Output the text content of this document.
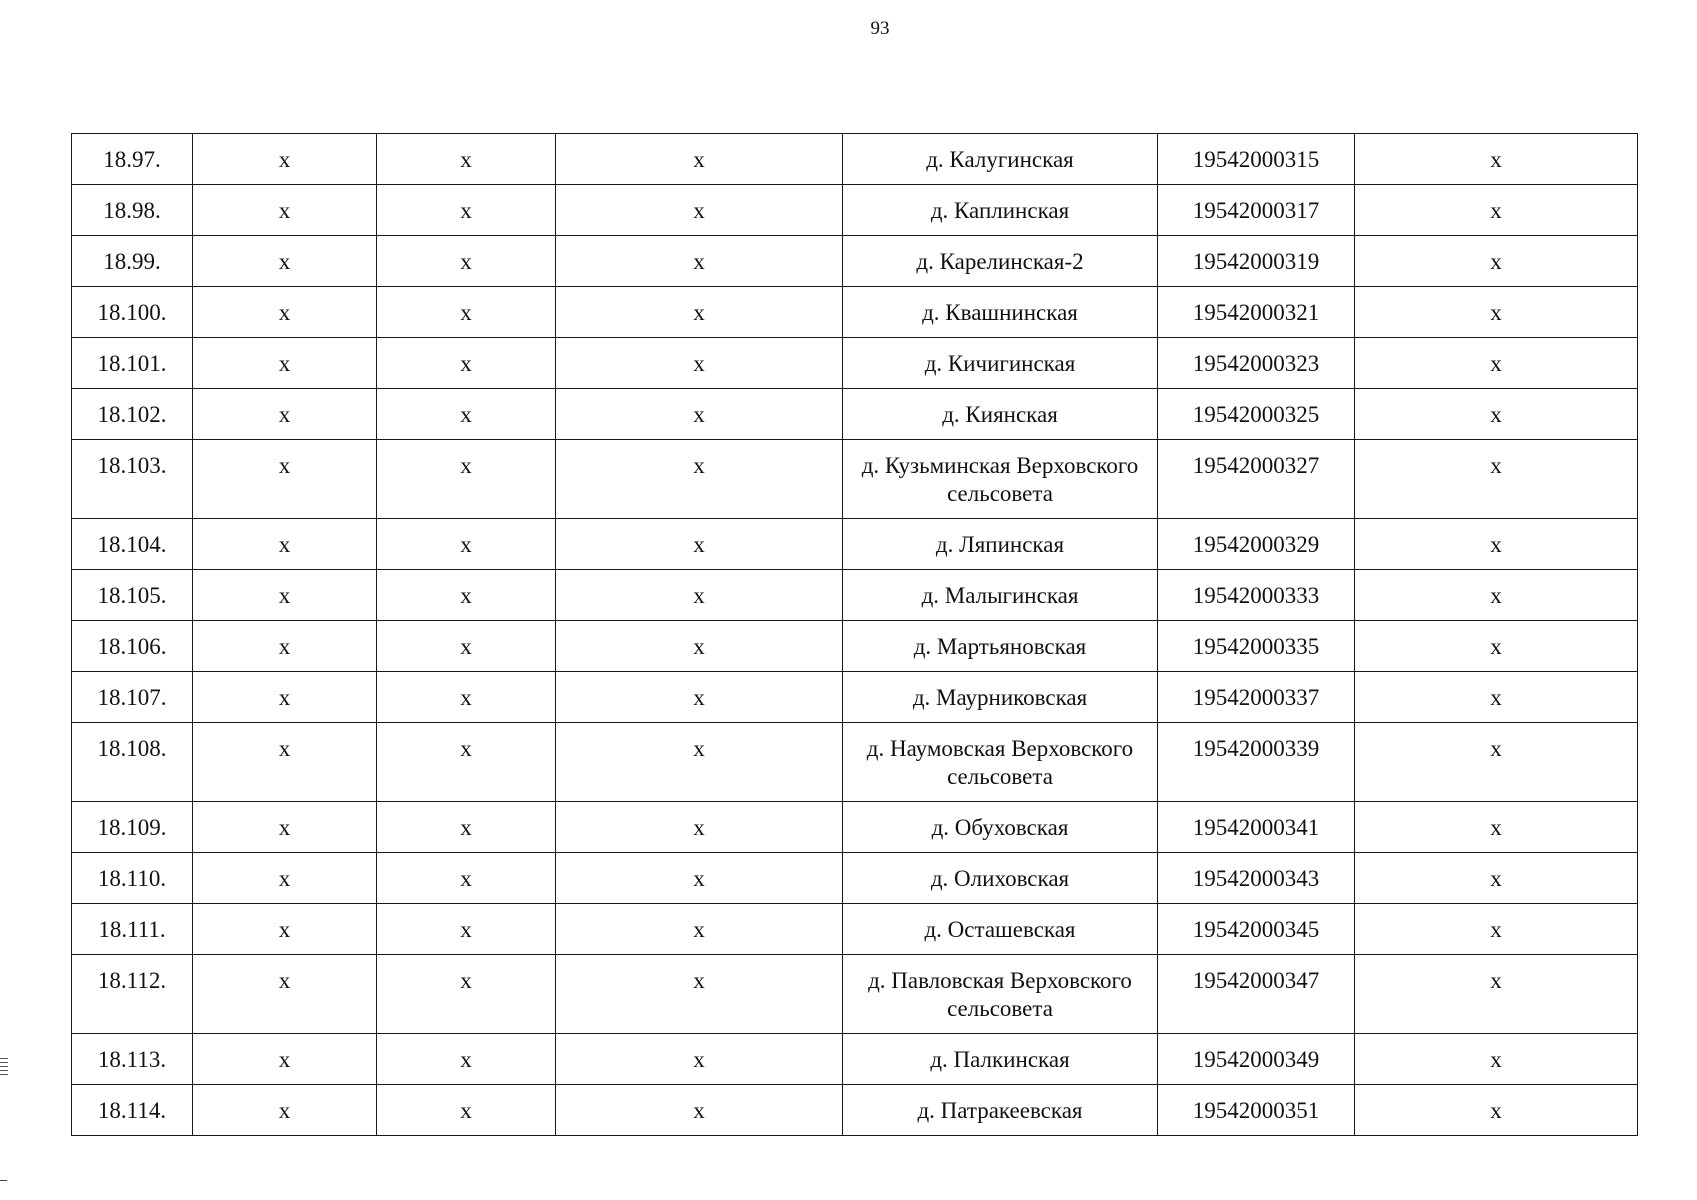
93
18.97.	х	х	х	д. Калугинская	19542000315	х
18.98.	х	х	х	д. Каплинская	19542000317	х
18.99.	х	х	х	д. Карелинская-2	19542000319	х
18.100.	х	х	х	д. Квашнинская	19542000321	х
18.101.	х	х	х	д. Кичигинская	19542000323	х
18.102.	х	х	х	д. Киянская	19542000325	х
18.103.	х	х	х	д. Кузьминская Верховского сельсовета	19542000327	х
18.104.	х	х	х	д. Ляпинская	19542000329	х
18.105.	х	х	х	д. Малыгинская	19542000333	х
18.106.	х	х	х	д. Мартьяновская	19542000335	х
18.107.	х	х	х	д. Маурниковская	19542000337	х
18.108.	х	х	х	д. Наумовская Верховского сельсовета	19542000339	х
18.109.	х	х	х	д. Обуховская	19542000341	х
18.110.	х	х	х	д. Олиховская	19542000343	х
18.111.	х	х	х	д. Осташевская	19542000345	х
18.112.	х	х	х	д. Павловская Верховского сельсовета	19542000347	х
18.113.	х	х	х	д. Палкинская	19542000349	х
18.114.	х	х	х	д. Патракеевская	19542000351	х
